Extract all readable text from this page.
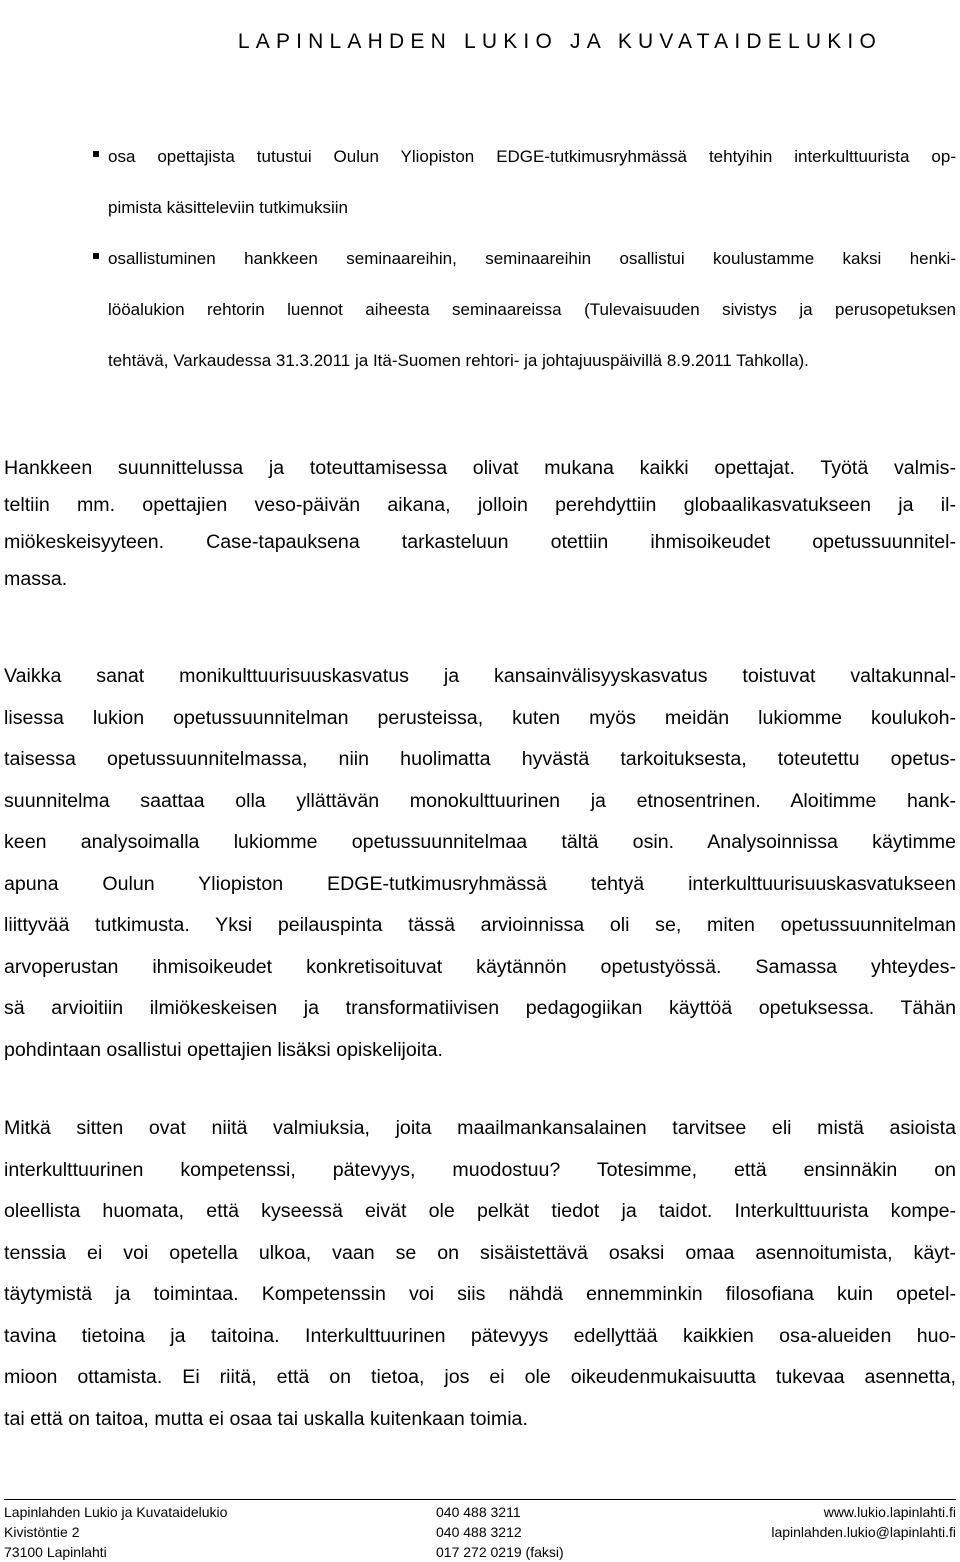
LAPINLAHDEN LUKIO JA KUVATAIDELUKIO
osa opettajista tutustui Oulun Yliopiston EDGE-tutkimusryhmässä tehtyihin interkulttuurista op-
pimista käsitteleviin tutkimuksiin
osallistuminen hankkeen seminaareihin, seminaareihin osallistui koulustamme kaksi henki-
lööalukion rehtorin luennot aiheesta seminaareissa (Tulevaisuuden sivistys ja perusopetuksen
tehtävä, Varkaudessa 31.3.2011 ja Itä-Suomen rehtori- ja johtajuuspäivillä 8.9.2011 Tahkolla).
Hankkeen suunnittelussa ja toteuttamisessa olivat mukana kaikki opettajat. Työtä valmis-
teltiin mm. opettajien veso-päivän aikana, jolloin perehdyttiin globaalikasvatukseen ja il-
miökeskeisyyteen. Case-tapauksena tarkasteluun otettiin ihmisoikeudet opetussuunnitel-
massa.
Vaikka sanat monikulttuurisuuskasvatus ja kansainvälisyyskasvatus toistuvat valtakunnal-
lisessa lukion opetussuunnitelman perusteissa, kuten myös meidän lukiomme koulukoh-
taisessa opetussuunnitelmassa, niin huolimatta hyvästä tarkoituksesta, toteutettu opetus-
suunnitelma saattaa olla yllättävän monokulttuurinen ja etnosentrinen. Aloitimme hank-
keen analysoimalla lukiomme opetussuunnitelmaa tältä osin. Analysoinnissa käytimme
apuna Oulun Yliopiston EDGE-tutkimusryhmässä tehtyä interkulttuurisuuskasvatukseen
liittyvää tutkimusta. Yksi peilauspinta tässä arvioinnissa oli se, miten opetussuunnitelman
arvoperustan ihmisoikeudet konkretisoituvat käytännön opetustyössä. Samassa yhteydes-
sä arvioitiin ilmiökeskeisen ja transformatiivisen pedagogiikan käyttöä opetuksessa. Tähän
pohdintaan osallistui opettajien lisäksi opiskelijoita.
Mitkä sitten ovat niitä valmiuksia, joita maailmankansalainen tarvitsee eli mistä asioista
interkulttuurinen kompetenssi, pätevyys, muodostuu? Totesimme, että ensinnäkin on
oleellista huomata, että kyseessä eivät ole pelkät tiedot ja taidot. Interkulttuurista kompe-
tenssia ei voi opetella ulkoa, vaan se on sisäistettävä osaksi omaa asennoitumista, käyt-
täytymistä ja toimintaa. Kompetenssin voi siis nähdä ennemminkin filosofiana kuin opetel-
tavina tietoina ja taitoina. Interkulttuurinen pätevyys edellyttää kaikkien osa-alueiden huo-
mioon ottamista. Ei riitä, että on tietoa, jos ei ole oikeudenmukaisuutta tukevaa asennetta,
tai että on taitoa, mutta ei osaa tai uskalla kuitenkaan toimia.
Lapinlahden Lukio ja Kuvataidelukio	040 488 3211	www.lukio.lapinlahti.fi
Kivistöntie 2	040 488 3212	lapinlahden.lukio@lapinlahti.fi
73100 Lapinlahti	017 272 0219 (faksi)
